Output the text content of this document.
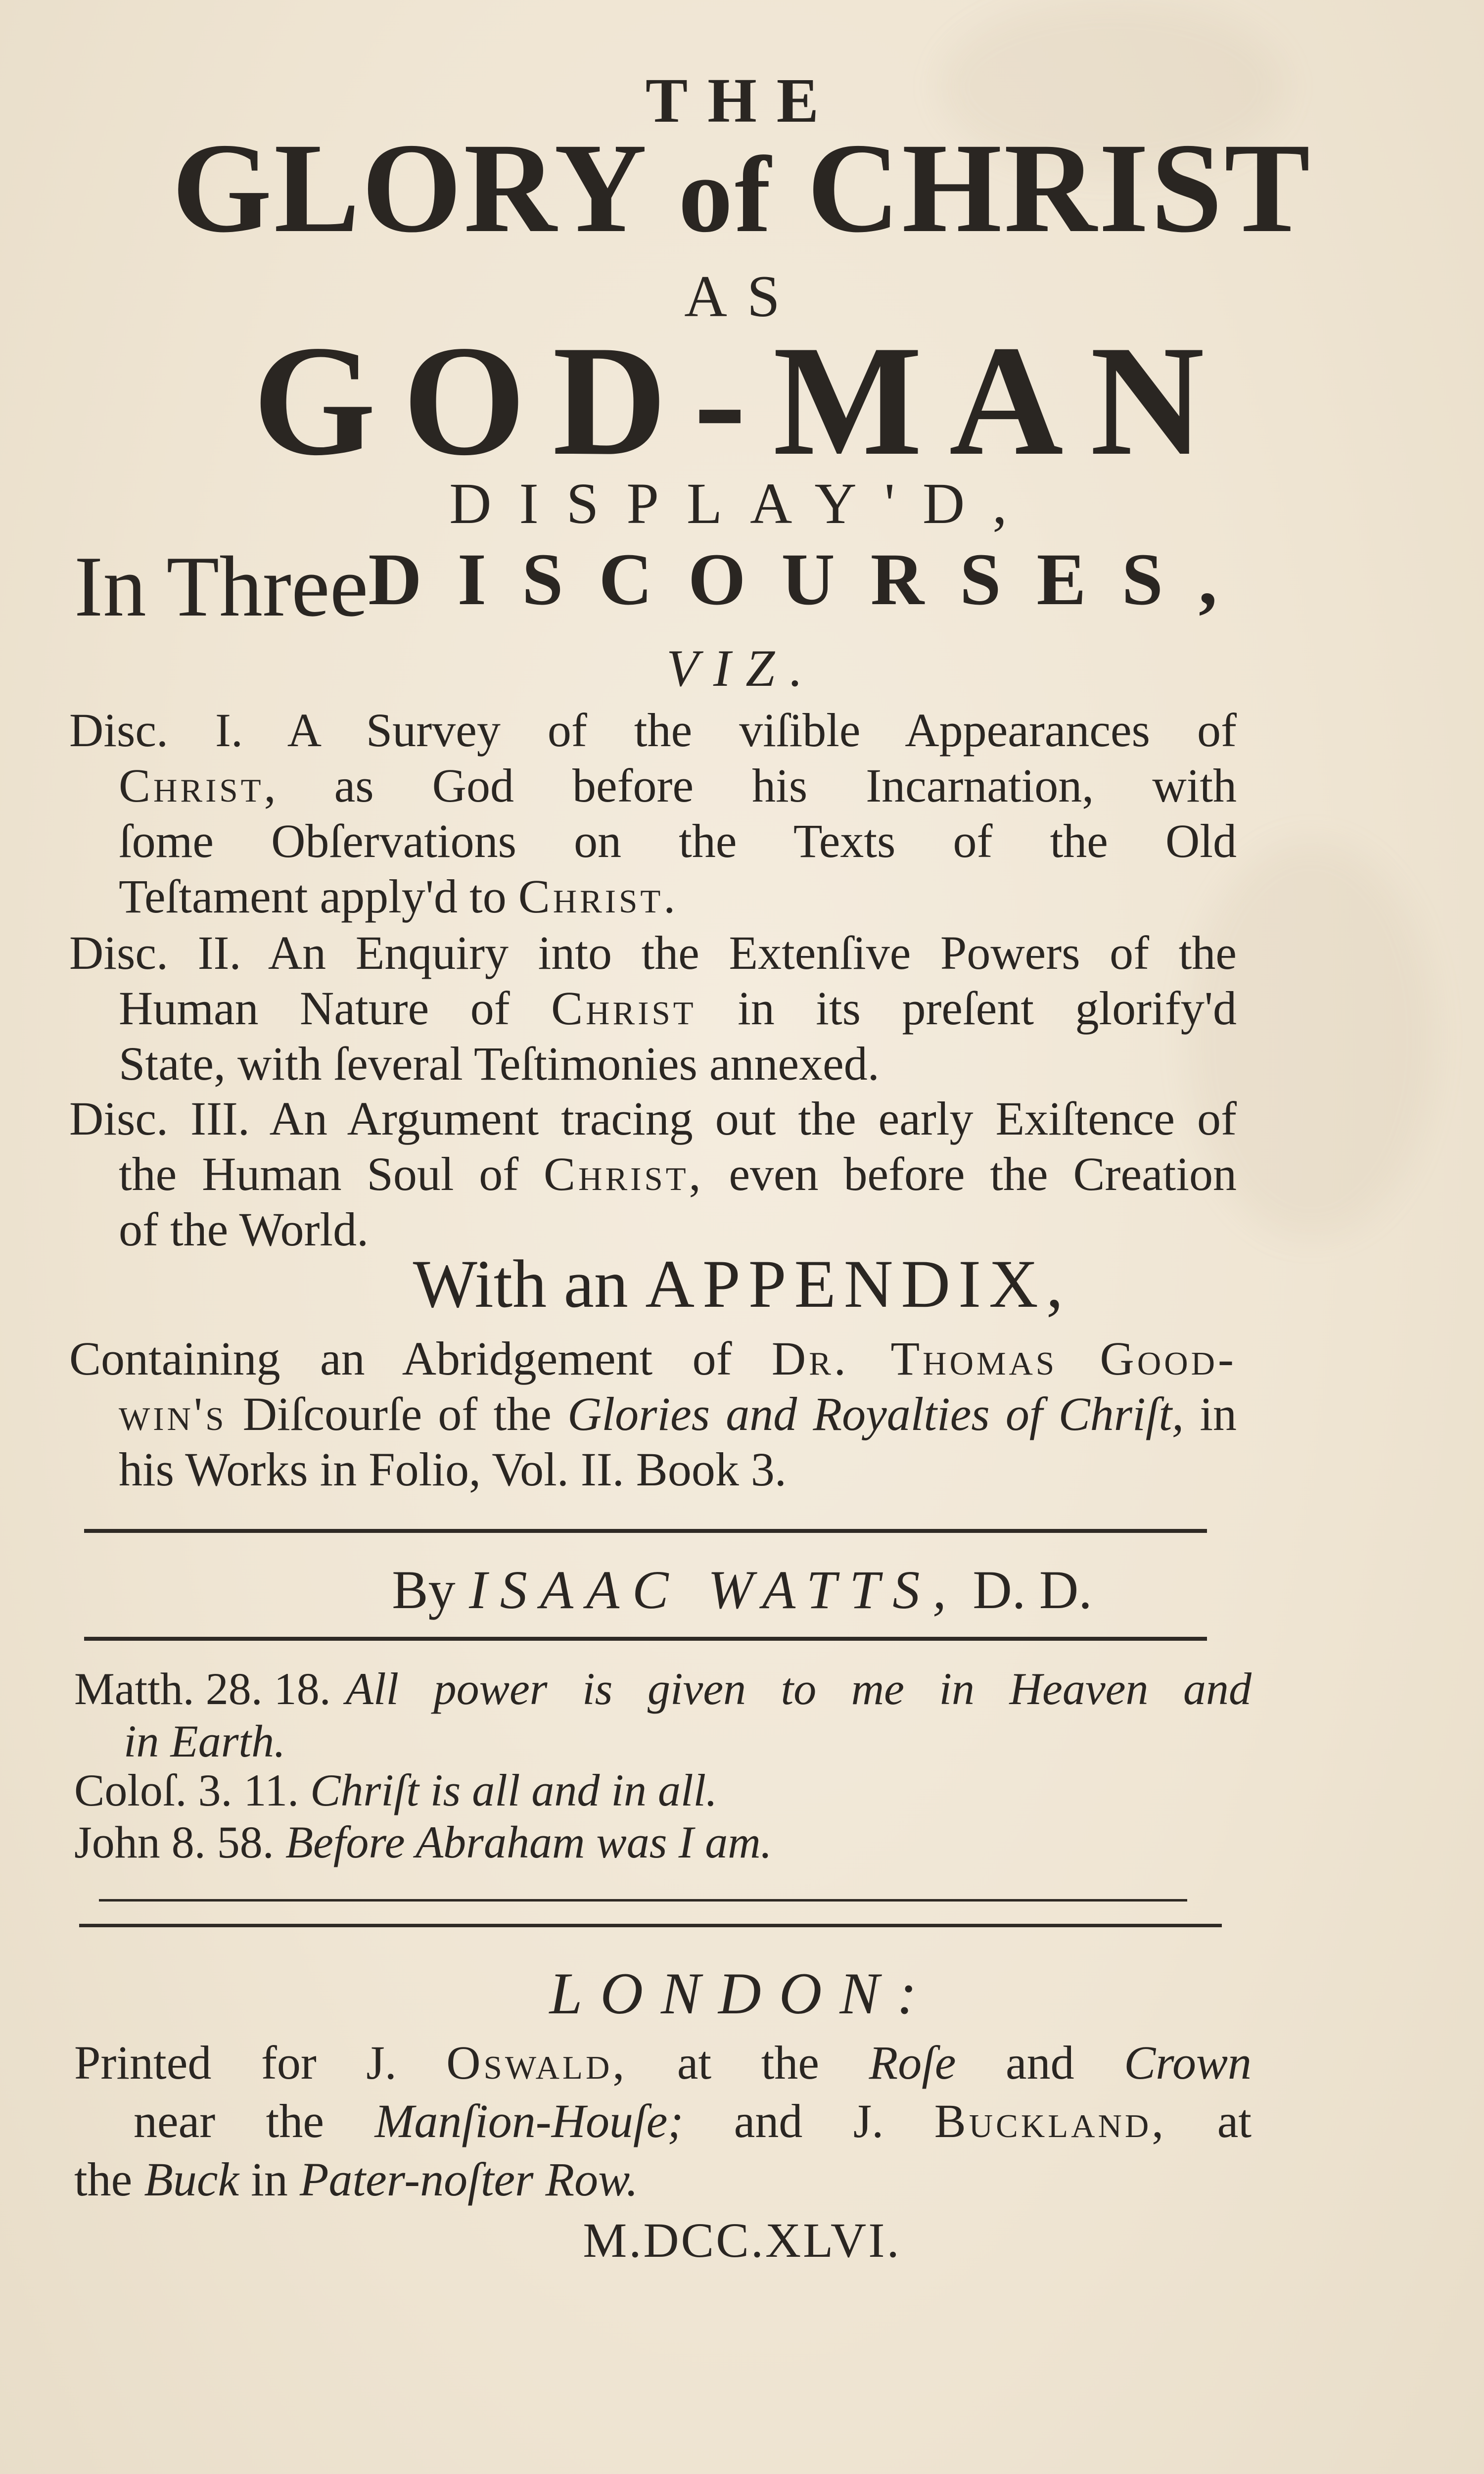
THE
GLORY of CHRIST
AS
GOD-MAN
DISPLAY'D,
In Three DISCOURSES,
VIZ.
Disc. I. A Survey of the viſible Appearances of
Christ, as God before his Incarnation, with
ſome Obſervations on the Texts of the Old
Teſtament apply'd to Christ.
Disc. II. An Enquiry into the Extenſive Powers of the
Human Nature of Christ in its preſent glorify'd
State, with ſeveral Teſtimonies annexed.
Disc. III. An Argument tracing out the early Exiſtence of
the Human Soul of Christ, even before the Creation
of the World.
With an APPENDIX,
Containing an Abridgement of Dr. Thomas Good-
win's Diſcourſe of the Glories and Royalties of Chriſt, in
his Works in Folio, Vol. II. Book 3.
By ISAAC WATTS, D. D.
Matth. 28. 18. All power is given to me in Heaven and
in Earth.
Coloſ. 3. 11. Chriſt is all and in all.
John 8. 58. Before Abraham was I am.
LONDON:
Printed for J. Oswald, at the Roſe and Crown
near the Manſion-Houſe; and J. Buckland, at
the Buck in Pater-noſter Row.
M.DCC.XLVI.
